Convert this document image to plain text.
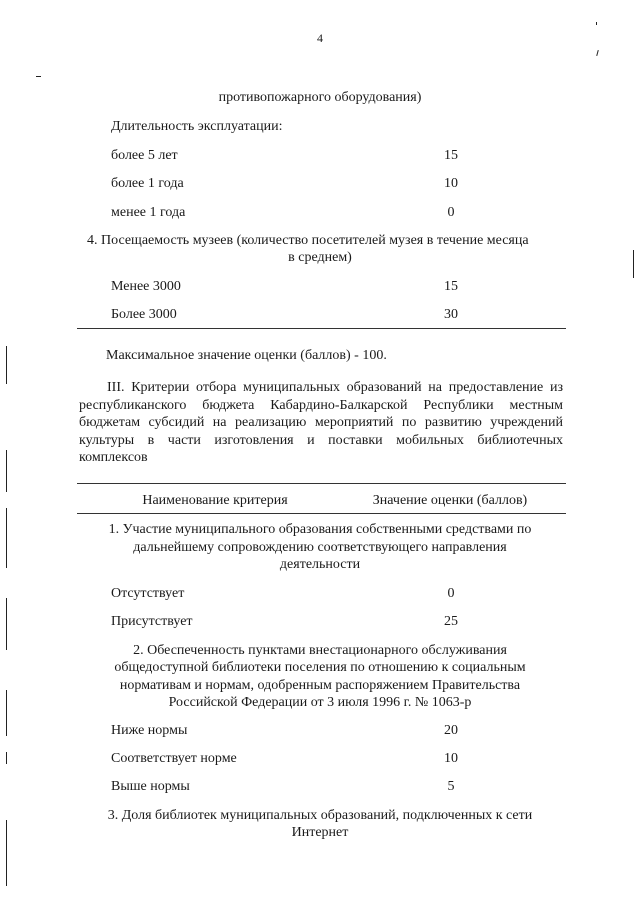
4
противопожарного оборудования)
Длительность эксплуатации:
более 5 лет	15
более 1 года	10
менее 1 года	0
4. Посещаемость музеев (количество посетителей музея в течение месяца
в среднем)
Менее 3000	15
Более 3000	30
Максимальное значение оценки (баллов) - 100.
III. Критерии отбора муниципальных образований на предоставление из
республиканского бюджета Кабардино-Балкарской Республики местным
бюджетам субсидий на реализацию мероприятий по развитию учреждений
культуры в части изготовления и поставки мобильных библиотечных
комплексов
Наименование критерия	Значение оценки (баллов)
1. Участие муниципального образования собственными средствами по
дальнейшему сопровождению соответствующего направления
деятельности
Отсутствует	0
Присутствует	25
2. Обеспеченность пунктами внестационарного обслуживания
общедоступной библиотеки поселения по отношению к социальным
нормативам и нормам, одобренным распоряжением Правительства
Российской Федерации от 3 июля 1996 г. № 1063-р
Ниже нормы	20
Соответствует норме	10
Выше нормы	5
3. Доля библиотек муниципальных образований, подключенных к сети
Интернет
